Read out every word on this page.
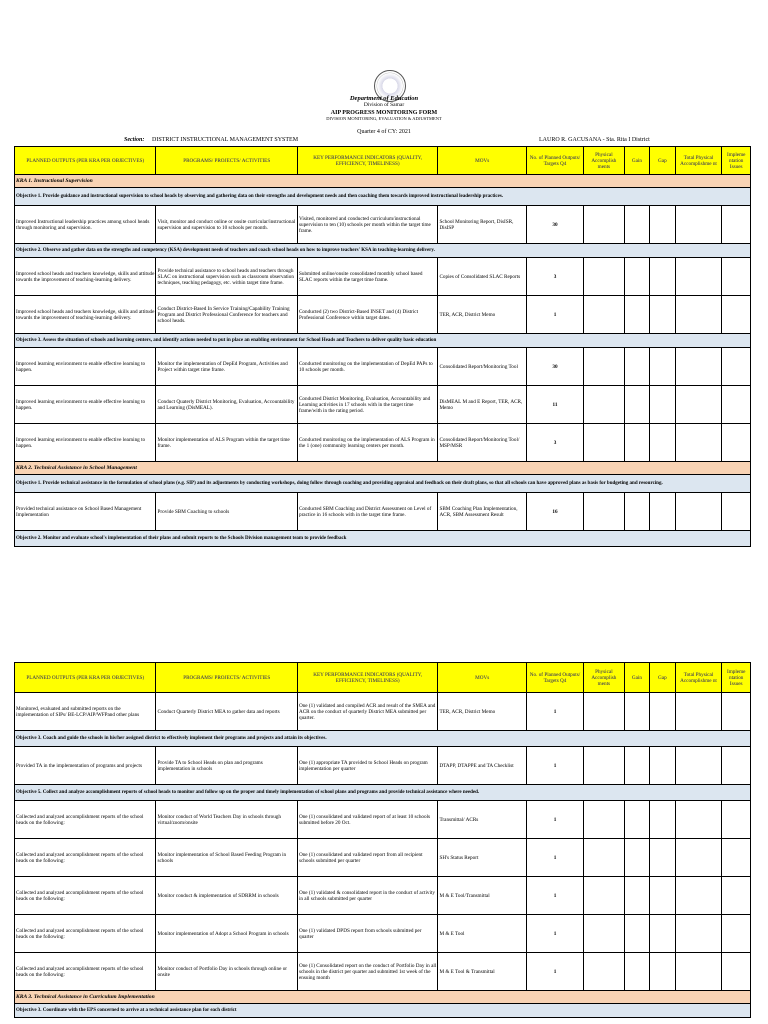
Department of Education
Division of Samar
AIP PROGRESS MONITORING FORM
DIVISION MONITORING, EVALUATION & ADJUSTMENT
Quarter 4 of CY: 2021
Section: DISTRICT INSTRUCTIONAL MANAGEMENT SYSTEM	LAURO R. GACUSANA - Sta. Rita I District
PLANNED OUTPUTS (PER KRA PER OBJECTIVES)	PROGRAMS/ PROJECTS/ ACTIVITIES	KEY PERFORMANCE INDICATORS (QUALITY, EFFICIENCY, TIMELINESS)	MOVs	No. of Planned Outputs/ Targets Q4	Physical Accomplish ments	Gain	Gap	Total Physical Accomplishme nt	Impleme ntation Issues
KRA 1. Instructional Supervision									
Objective 1. Provide guidance and instructional supervision to school heads by observing and gathering data on their strengths and development needs and then coaching them towards improved instructional leadership practices.									
Improved Instructional leadership practices among school heads through monitoring and supervision.	Visit, monitor and conduct online or onsite curricular/instructional supervision and supervision to 10 schools per month.	Visited, monitored and conducted curriculum/instructional supervision to ten (10) schools per month within the target time frame.	School Monitoring Report, DisISR, DisISP	30					
Objective 2. Observe and gather data on the strengths and competency (KSA) development needs of teachers and coach school heads on how to improve teachers' KSA in teaching-learning delivery.									
Improved school heads and teachers knowledge, skills and attitude towards the improvement of teaching-learning delivery.	Provide technical assistance to school heads and teachers through SLAC on instructional supervision such as classroom observation techniques, teaching pedagogy, etc. within target time frame.	Submitted online/onsite consolidated monthly school based SLAC reports within the target time frame.	Copies of Consolidated SLAC Reports	3					
Improved school heads and teachers knowledge, skills and attitude towards the improvement of teaching-learning delivery.	Conduct District-Based In Service Training/Capability Training Program and District Professional Conference for teachers and school heads.	Conducted (2) two District-Based INSET and (4) District Professional Conference within target dates.	TER, ACR, District Memo	1					
Objective 3. Assess the situation of schools and learning centers, and identify actions needed to put in place an enabling environment for School Heads and Teachers to deliver quality basic education									
Improved learning environment to enable effective learning to happen.	Monitor the implementation of DepEd Program, Activities and Project within target time frame.	Conducted monitoring on the implementation of DepEd PAPs to 10 schools per month.	Consolidated Report/Monitoring Tool	30					
Improved learning environment to enable effective learning to happen.	Conduct Quaterly District Monitoring, Evaluation, Accountability and Learning (DisMEAL).	Conducted District Monitoring, Evaluation, Accountability and Learning activities in 17 schools with in the target time frame/with in the rating period.	DisMEAL M and E Report, TER, ACR, Memo	11					
Improved learning environment to enable effective learning to happen.	Monitor implementation of ALS Program within the target time frame.	Conducted monitoring on the implementation of ALS Program in the 1 (one) community learning centers per month.	Consolidated Report/Monitoring Tool/ MSP/MSR	3					
KRA 2. Technical Assistance in School Management									
Objective 1. Provide technical assistance in the formulation of school plans (e.g. SIP) and its adjustments by conducting workshops, doing follow through coaching and providing appraisal and feedback on their draft plans, so that all schools can have approved plans as basis for budgeting and resourcing.									
Provided technical assistance on School Based Management Implementation	Provide SBM Coaching to schools	Conducted SBM Coaching and District Assessment on Level of practice in 16 schools with in the target time frame.	SBM Coaching Plan Implementation, ACR, SBM Assessment Result	16					
Objective 2. Monitor and evaluate school's implementation of their plans and submit reports to the Schools Division management team to provide feedback									
PLANNED OUTPUTS (PER KRA PER OBJECTIVES)	PROGRAMS/ PROJECTS/ ACTIVITIES	KEY PERFORMANCE INDICATORS (QUALITY, EFFICIENCY, TIMELINESS)	MOVs	No. of Planned Outputs/ Targets Q4	Physical Accomplish ments	Gain	Gap	Total Physical Accomplishme nt	Impleme ntation Issues
Monitored, evaluated and submitted reports on the implementation of SIPs/ BE-LCP/AIP/WFPand other plans	Conduct Quarterly District MEA to gather data and reports	One (1) validated and compiled ACR and result of the SMEA and ACR on the conduct of quarterly District MEA submitted per quarter.	TER, ACR, District Memo	1					
Objective 3. Coach and guide the schools in his/her assigned district to effectively implement their programs and projects and attain its objectives.									
Provided TA in the implementation of programs and projects	Provide TA to School Heads on plan and programs implementation in schools	One (1) appropriate TA provided to School Heads on program implementation per quarter	DTAPP, DTAPPE and TA Checklist	1					
Objective 5. Collect and analyze accomplishment reports of school heads to monitor and follow up on the proper and timely implementation of school plans and programs and provide technical assistance where needed.									
Collected and analyzed accomplishment reports of the school heads on the following:	Monitor conduct of World Teachers Day in schools through virtual/zoom/onsite	One (1) consolidated and validated report of at least 10 schools submitted before 20 Oct.	Transmittal/ ACRs	1					
Collected and analyzed accomplishment reports of the school heads on the following:	Monitor implementation of School Based Feeding Program in schools	One (1) consolidated and validated report from all recipient schools submitted per quarter	SH's Status Report	1					
Collected and analyzed accomplishment reports of the school heads on the following:	Monitor conduct & implementation of SDRRM in schools	One (1) validated & consolidated report in the conduct of activity in all schools submitted per quarter	M & E Tool/Transmittal	1					
Collected and analyzed accomplishment reports of the school heads on the following:	Monitor implementation of Adopt a School Program in schools	One (1) validated DPDS report from schools submitted per quarter	M & E Tool	1					
Collected and analyzed accomplishment reports of the school heads on the following:	Monitor conduct of Portfolio Day in schools through online or onsite	One (1) Consolidated report on the conduct of Portfolio Day in all schools in the district per quarter and submitted 1st week of the ensuing month	M & E Tool & Transmittal	1					
KRA 3. Technical Assistance in Curriculum Implementation									
Objective 3. Coordinate with the EPS concerned to arrive at a technical assistance plan for each district									
